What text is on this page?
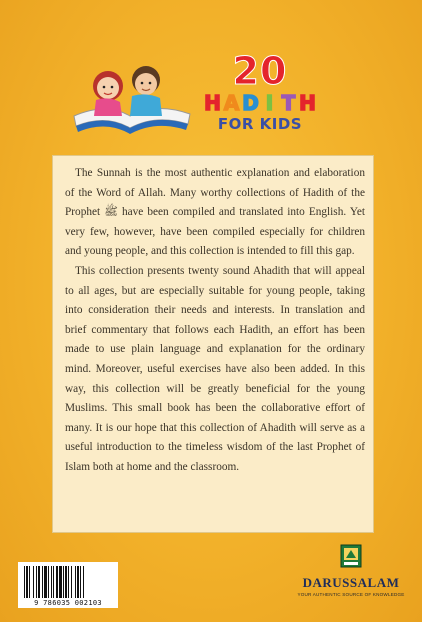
20
H A D I T H
FOR KIDS

The Sunnah is the most authentic explanation and elaboration of the Word of Allah. Many worthy collections of Hadith of the Prophet ﷺ have been compiled and translated into English. Yet very few, however, have been compiled especially for children and young people, and this collection is intended to fill this gap.

This collection presents twenty sound Ahadith that will appeal to all ages, but are especially suitable for young people, taking into consideration their needs and interests. In translation and brief commentary that follows each Hadith, an effort has been made to use plain language and explanation for the ordinary mind. Moreover, useful exercises have also been added. In this way, this collection will be greatly beneficial for the young Muslims. This small book has been the collaborative effort of many. It is our hope that this collection of Ahadith will serve as a useful introduction to the timeless wisdom of the last Prophet of Islam both at home and the classroom.

9 786035 002103
DARUSSALAM
YOUR AUTHENTIC SOURCE OF KNOWLEDGE
